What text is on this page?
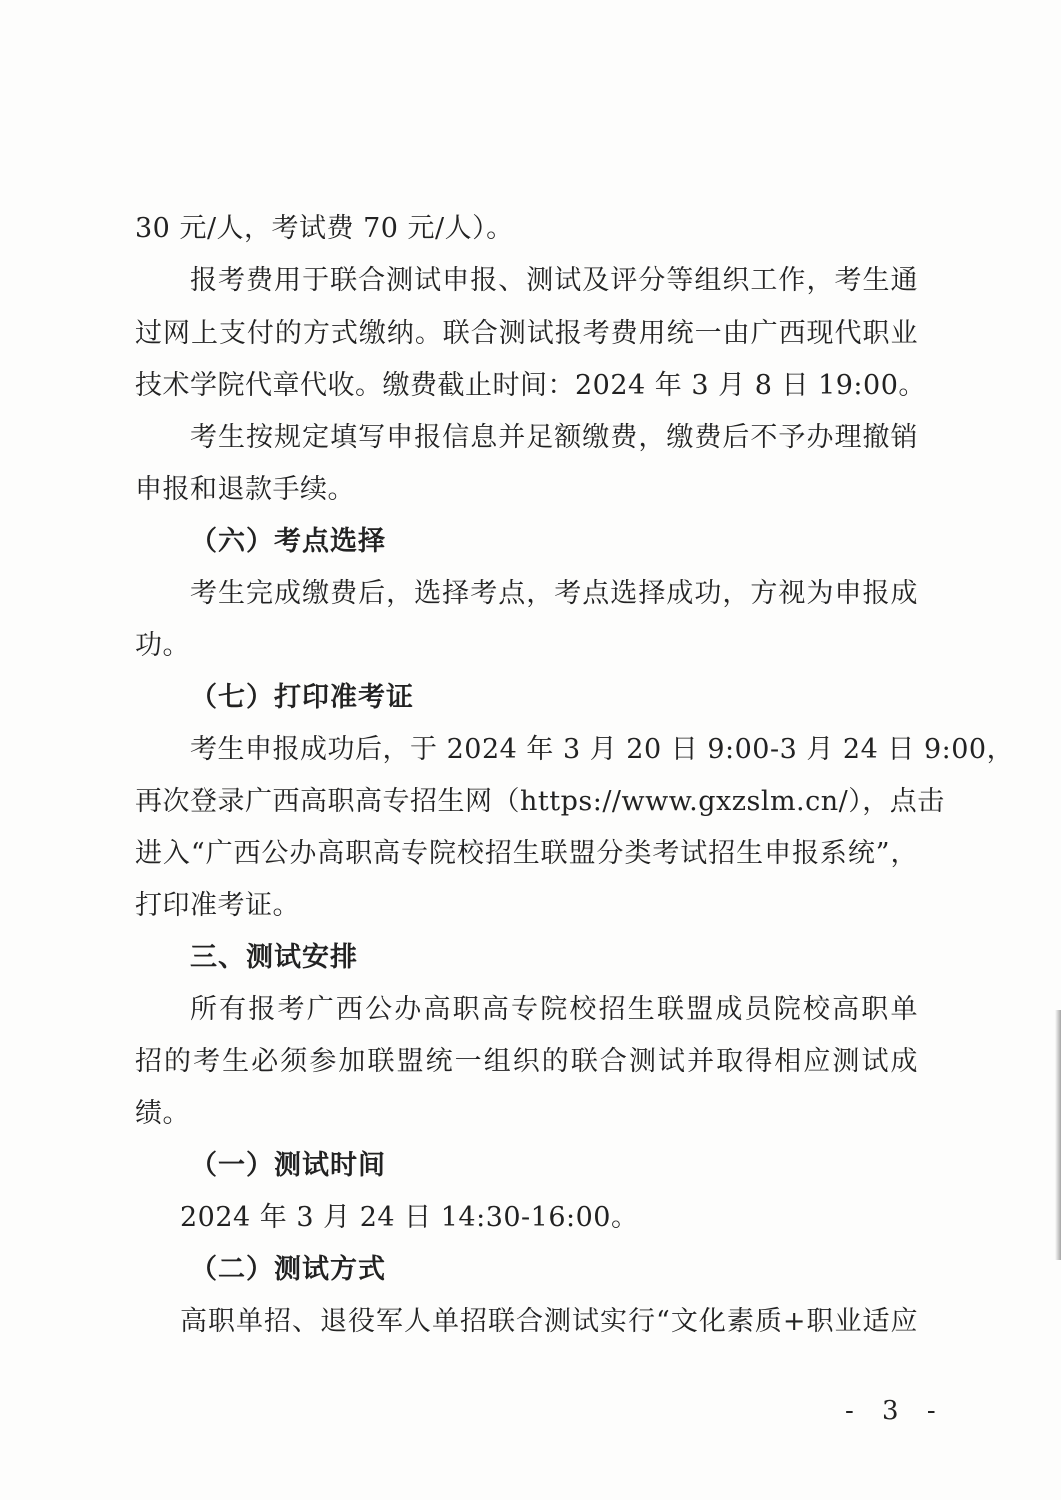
30 元/人，考试费 70 元/人）。
报考费用于联合测试申报、测试及评分等组织工作，考生通
过网上支付的方式缴纳。联合测试报考费用统一由广西现代职业
技术学院代章代收。缴费截止时间：2024 年 3 月 8 日 19:00。
考生按规定填写申报信息并足额缴费，缴费后不予办理撤销
申报和退款手续。
（六）考点选择
考生完成缴费后，选择考点，考点选择成功，方视为申报成
功。
（七）打印准考证
考生申报成功后，于 2024 年 3 月 20 日 9:00-3 月 24 日 9:00，
再次登录广西高职高专招生网（https://www.gxzslm.cn/），点击
进入“广西公办高职高专院校招生联盟分类考试招生申报系统”，
打印准考证。
三、测试安排
所有报考广西公办高职高专院校招生联盟成员院校高职单
招的考生必须参加联盟统一组织的联合测试并取得相应测试成
绩。
（一）测试时间
2024 年 3 月 24 日 14:30-16:00。
（二）测试方式
高职单招、退役军人单招联合测试实行“文化素质+职业适应
- 3 -
